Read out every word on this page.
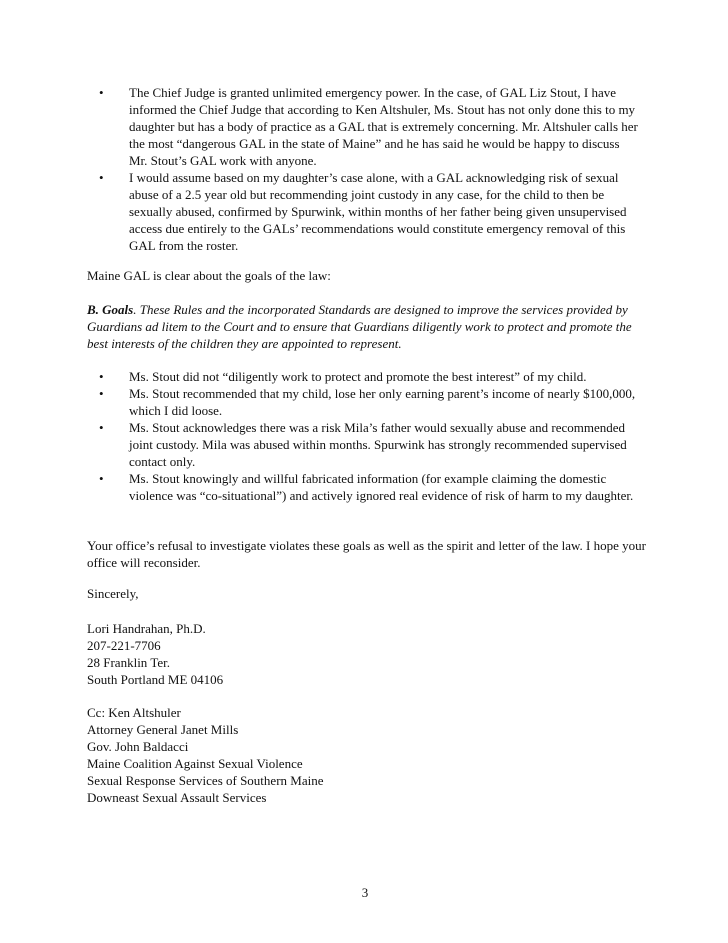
• The Chief Judge is granted unlimited emergency power. In the case, of GAL Liz Stout, I have informed the Chief Judge that according to Ken Altshuler, Ms. Stout has not only done this to my daughter but has a body of practice as a GAL that is extremely concerning. Mr. Altshuler calls her the most “dangerous GAL in the state of Maine” and he has said he would be happy to discuss Mr. Stout’s GAL work with anyone.
• I would assume based on my daughter’s case alone, with a GAL acknowledging risk of sexual abuse of a 2.5 year old but recommending joint custody in any case, for the child to then be sexually abused, confirmed by Spurwink, within months of her father being given unsupervised access due entirely to the GALs’ recommendations would constitute emergency removal of this GAL from the roster.

Maine GAL is clear about the goals of the law:

B. Goals. These Rules and the incorporated Standards are designed to improve the services provided by Guardians ad litem to the Court and to ensure that Guardians diligently work to protect and promote the best interests of the children they are appointed to represent.

• Ms. Stout did not “diligently work to protect and promote the best interest” of my child.
• Ms. Stout recommended that my child, lose her only earning parent’s income of nearly $100,000, which I did loose.
• Ms. Stout acknowledges there was a risk Mila’s father would sexually abuse and recommended joint custody. Mila was abused within months. Spurwink has strongly recommended supervised contact only.
• Ms. Stout knowingly and willful fabricated information (for example claiming the domestic violence was “co-situational”) and actively ignored real evidence of risk of harm to my daughter.

Your office’s refusal to investigate violates these goals as well as the spirit and letter of the law. I hope your office will reconsider.

Sincerely,

Lori Handrahan, Ph.D.
207-221-7706
28 Franklin Ter.
South Portland ME 04106
Cc: Ken Altshuler
Attorney General Janet Mills
Gov. John Baldacci
Maine Coalition Against Sexual Violence
Sexual Response Services of Southern Maine
Downeast Sexual Assault Services
3
